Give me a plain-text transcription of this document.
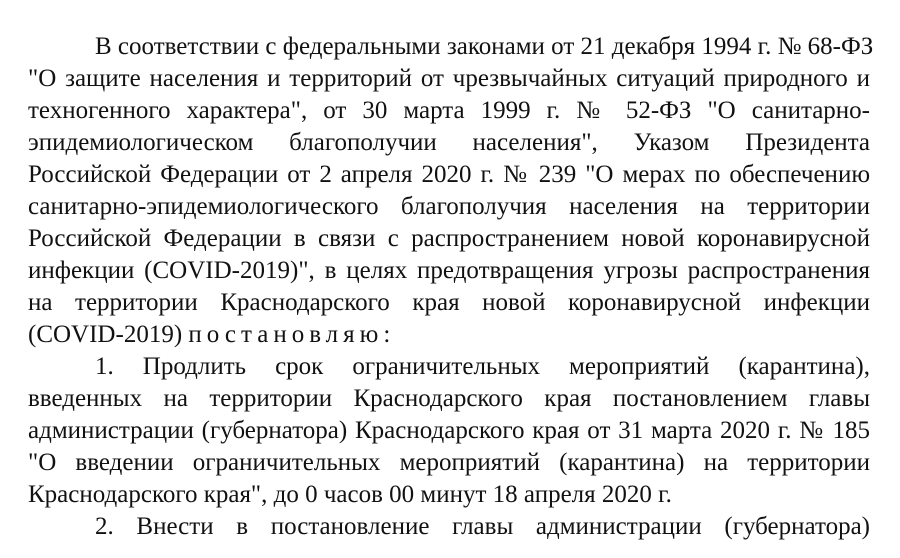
В соответствии с федеральными законами от 21 декабря 1994 г. № 68-ФЗ
"О защите населения и территорий от чрезвычайных ситуаций природного и
техногенного характера", от 30 марта 1999 г. № 52-ФЗ "О санитарно-
эпидемиологическом благополучии населения", Указом Президента
Российской Федерации от 2 апреля 2020 г. № 239 "О мерах по обеспечению
санитарно-эпидемиологического благополучия населения на территории
Российской Федерации в связи с распространением новой коронавирусной
инфекции (COVID-2019)", в целях предотвращения угрозы распространения
на территории Краснодарского края новой коронавирусной инфекции
(COVID-2019) постановляю:
1. Продлить срок ограничительных мероприятий (карантина),
введенных на территории Краснодарского края постановлением главы
администрации (губернатора) Краснодарского края от 31 марта 2020 г. № 185
"О введении ограничительных мероприятий (карантина) на территории
Краснодарского края", до 0 часов 00 минут 18 апреля 2020 г.
2. Внести в постановление главы администрации (губернатора)
